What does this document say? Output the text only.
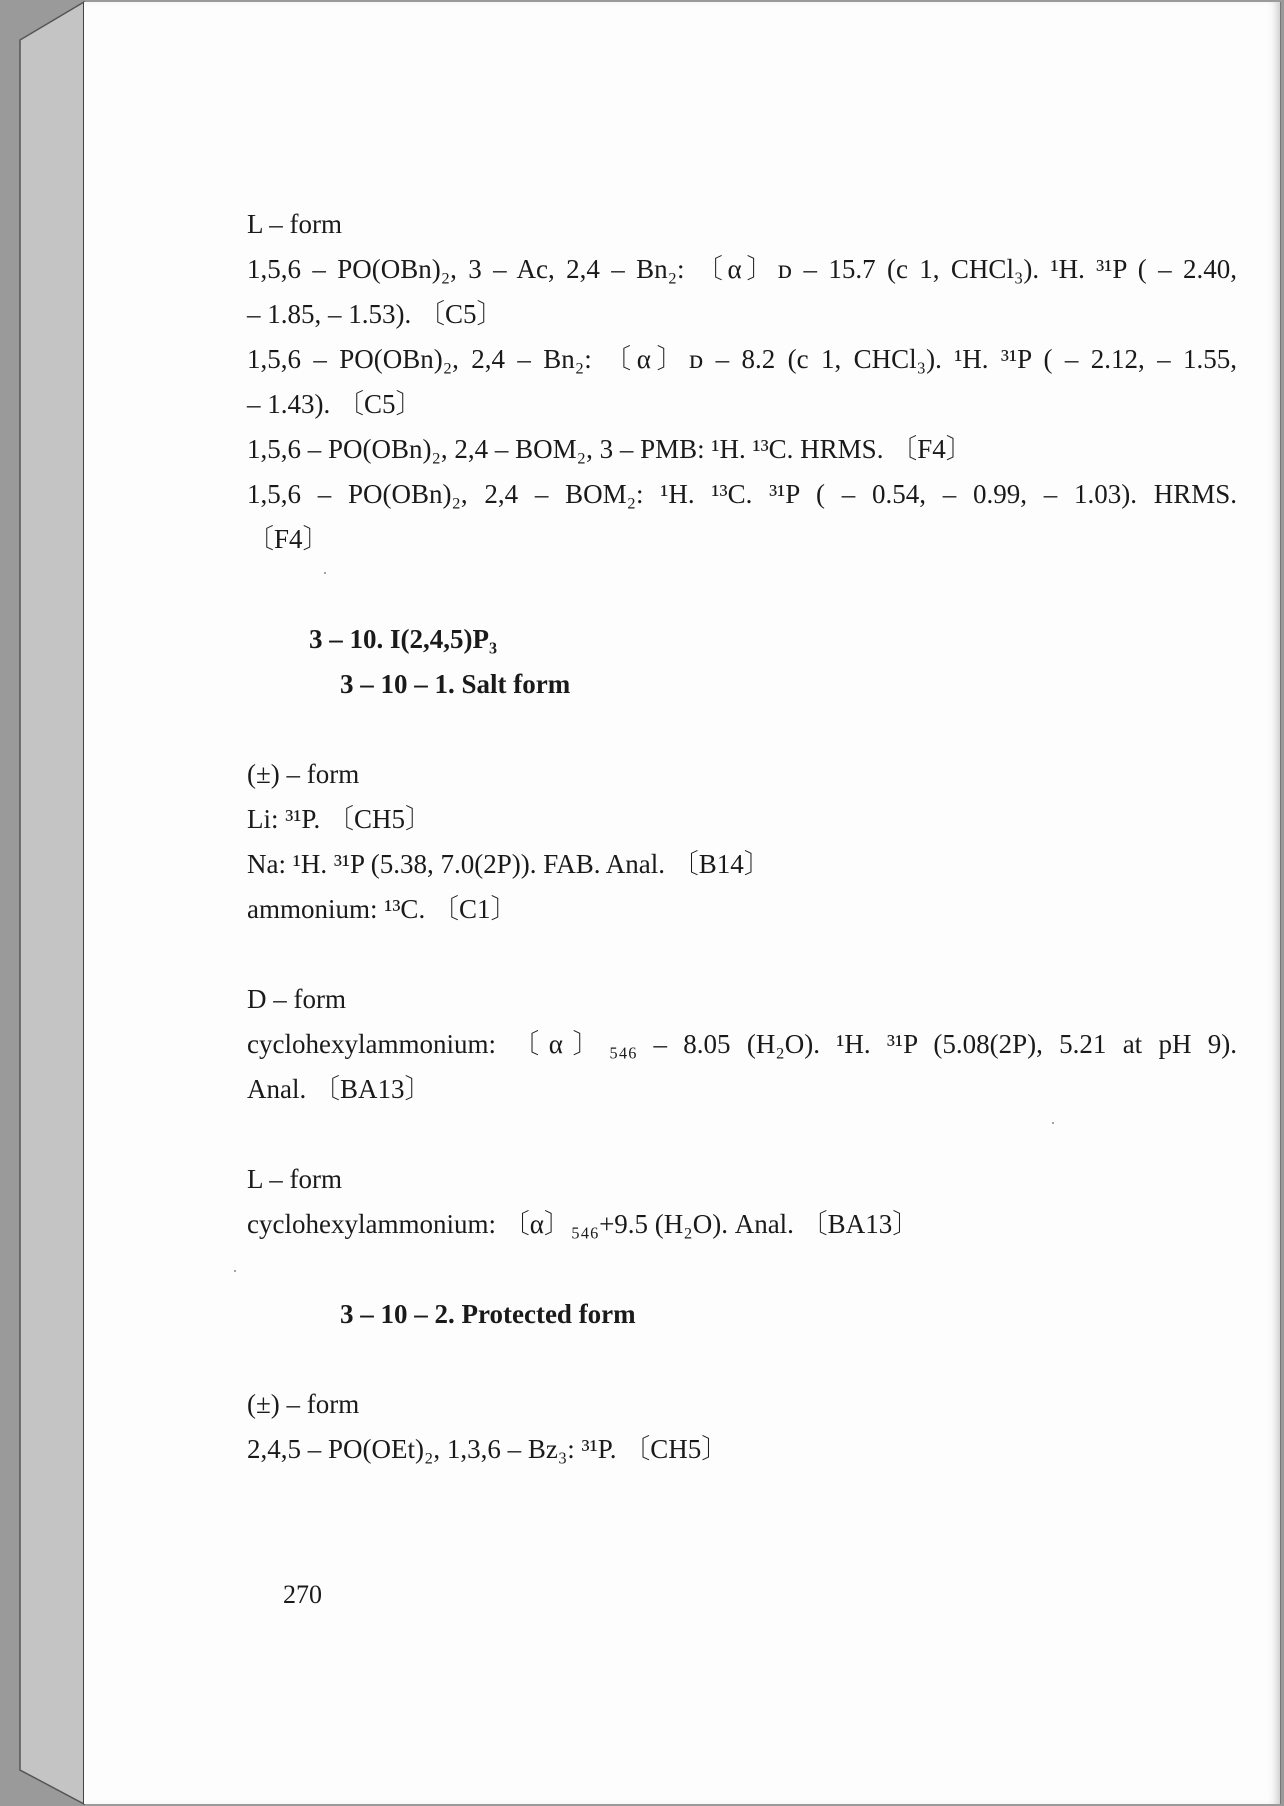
L – form
1,5,6 – PO(OBn)₂, 3 – Ac, 2,4 – Bn₂: 〔α〕ᴅ – 15.7 (c 1, CHCl₃). ¹H. ³¹P ( – 2.40,
– 1.85, – 1.53). 〔C5〕
1,5,6 – PO(OBn)₂, 2,4 – Bn₂: 〔α〕ᴅ – 8.2 (c 1, CHCl₃). ¹H. ³¹P ( – 2.12, – 1.55,
– 1.43). 〔C5〕
1,5,6 – PO(OBn)₂, 2,4 – BOM₂, 3 – PMB: ¹H. ¹³C. HRMS. 〔F4〕
1,5,6 – PO(OBn)₂, 2,4 – BOM₂: ¹H. ¹³C. ³¹P ( – 0.54, – 0.99, – 1.03). HRMS.
〔F4〕
3 – 10. I(2,4,5)P₃
3 – 10 – 1. Salt form
(±) – form
Li: ³¹P. 〔CH5〕
Na: ¹H. ³¹P (5.38, 7.0(2P)). FAB. Anal. 〔B14〕
ammonium: ¹³C. 〔C1〕
D – form
cyclohexylammonium: 〔α〕₅₄₆ – 8.05 (H₂O). ¹H. ³¹P (5.08(2P), 5.21 at pH 9).
Anal. 〔BA13〕
L – form
cyclohexylammonium: 〔α〕₅₄₆+9.5 (H₂O). Anal. 〔BA13〕
3 – 10 – 2. Protected form
(±) – form
2,4,5 – PO(OEt)₂, 1,3,6 – Bz₃: ³¹P. 〔CH5〕
270
